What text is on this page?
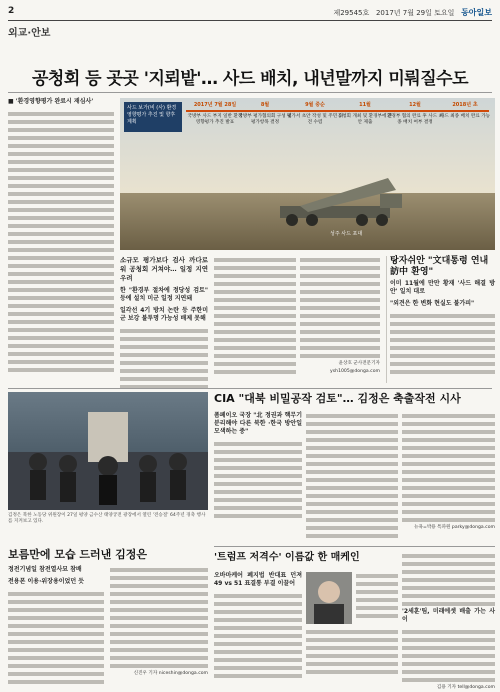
2	제29545호 2017년 7월 29일 토요일 동아일보
외교·안보
공청회 등 곳곳 '지뢰밭'… 사드 배치, 내년말까지 미뤄질수도
■ '환경영향평가 완료시 재심사'
사드 보가(비 (사) 환경영향평가 추진 및 향후 계획
2017년 7월 28일
국방부 사드 부지 일반 환경영향평가 추진 발표
8월
국방부 평가협의회 구성 및 평가항목 결정
9월 중순
평가서 초안 작성 및 주민 의견 수렴
11월
공청회 개최 및 환경부에 본안 제출
12월
환경부 협의 완료 후 사드 최종 배치 여부 결정
2018년 초
사드 최종 배치 완료 가능
성주 사드 포대
소규모 평가보다 검사 까다로워 공청회 거쳐야… 일정 지연 우려
한 "환경부 절차에 정당성 검토" 등에 설치 미군 일정 지연돼
일각선 4기 방치 논란 등 주한미군 보강 불투명 가능성 배제 못해
윤상호 군사전문기자 ysh1005@donga.com
탕자쉬안 "文대통령 연내 訪中 환영"
이미 11월에 만만 황재 '사드 해결 방안' 일치 대로
"외견은 한 변화 현실도 불가피"
CIA "대북 비밀공작 검토"… 김정은 축출작전 시사
폼페이오 국장 "北 정권과 핵무기 분리해야 다른 북한 ·한국 방안일 모색하는 중"
뉴욕=박용 특파원 parky@donga.com
김정은 북한 노동당 위원장이 27일 평양 금수산 태양궁전 광장에서 열린 '전승절' 64주년 경축 행사를 지켜보고 있다.
보름만에 모습 드러낸 김정은
정전기념일 참전열사묘 참배
전용폰 이용·위장용이었던 듯
신진우 기자 niceshin@donga.com
'트럼프 저격수' 이름값 한 매케인
오바마케어 폐지법 반대표 던져 49 vs 51 표결통 부결 이끌어
'2세훈'팀, 미래에셋 배출 가는 사이
김용 기자 tell@donga.com
